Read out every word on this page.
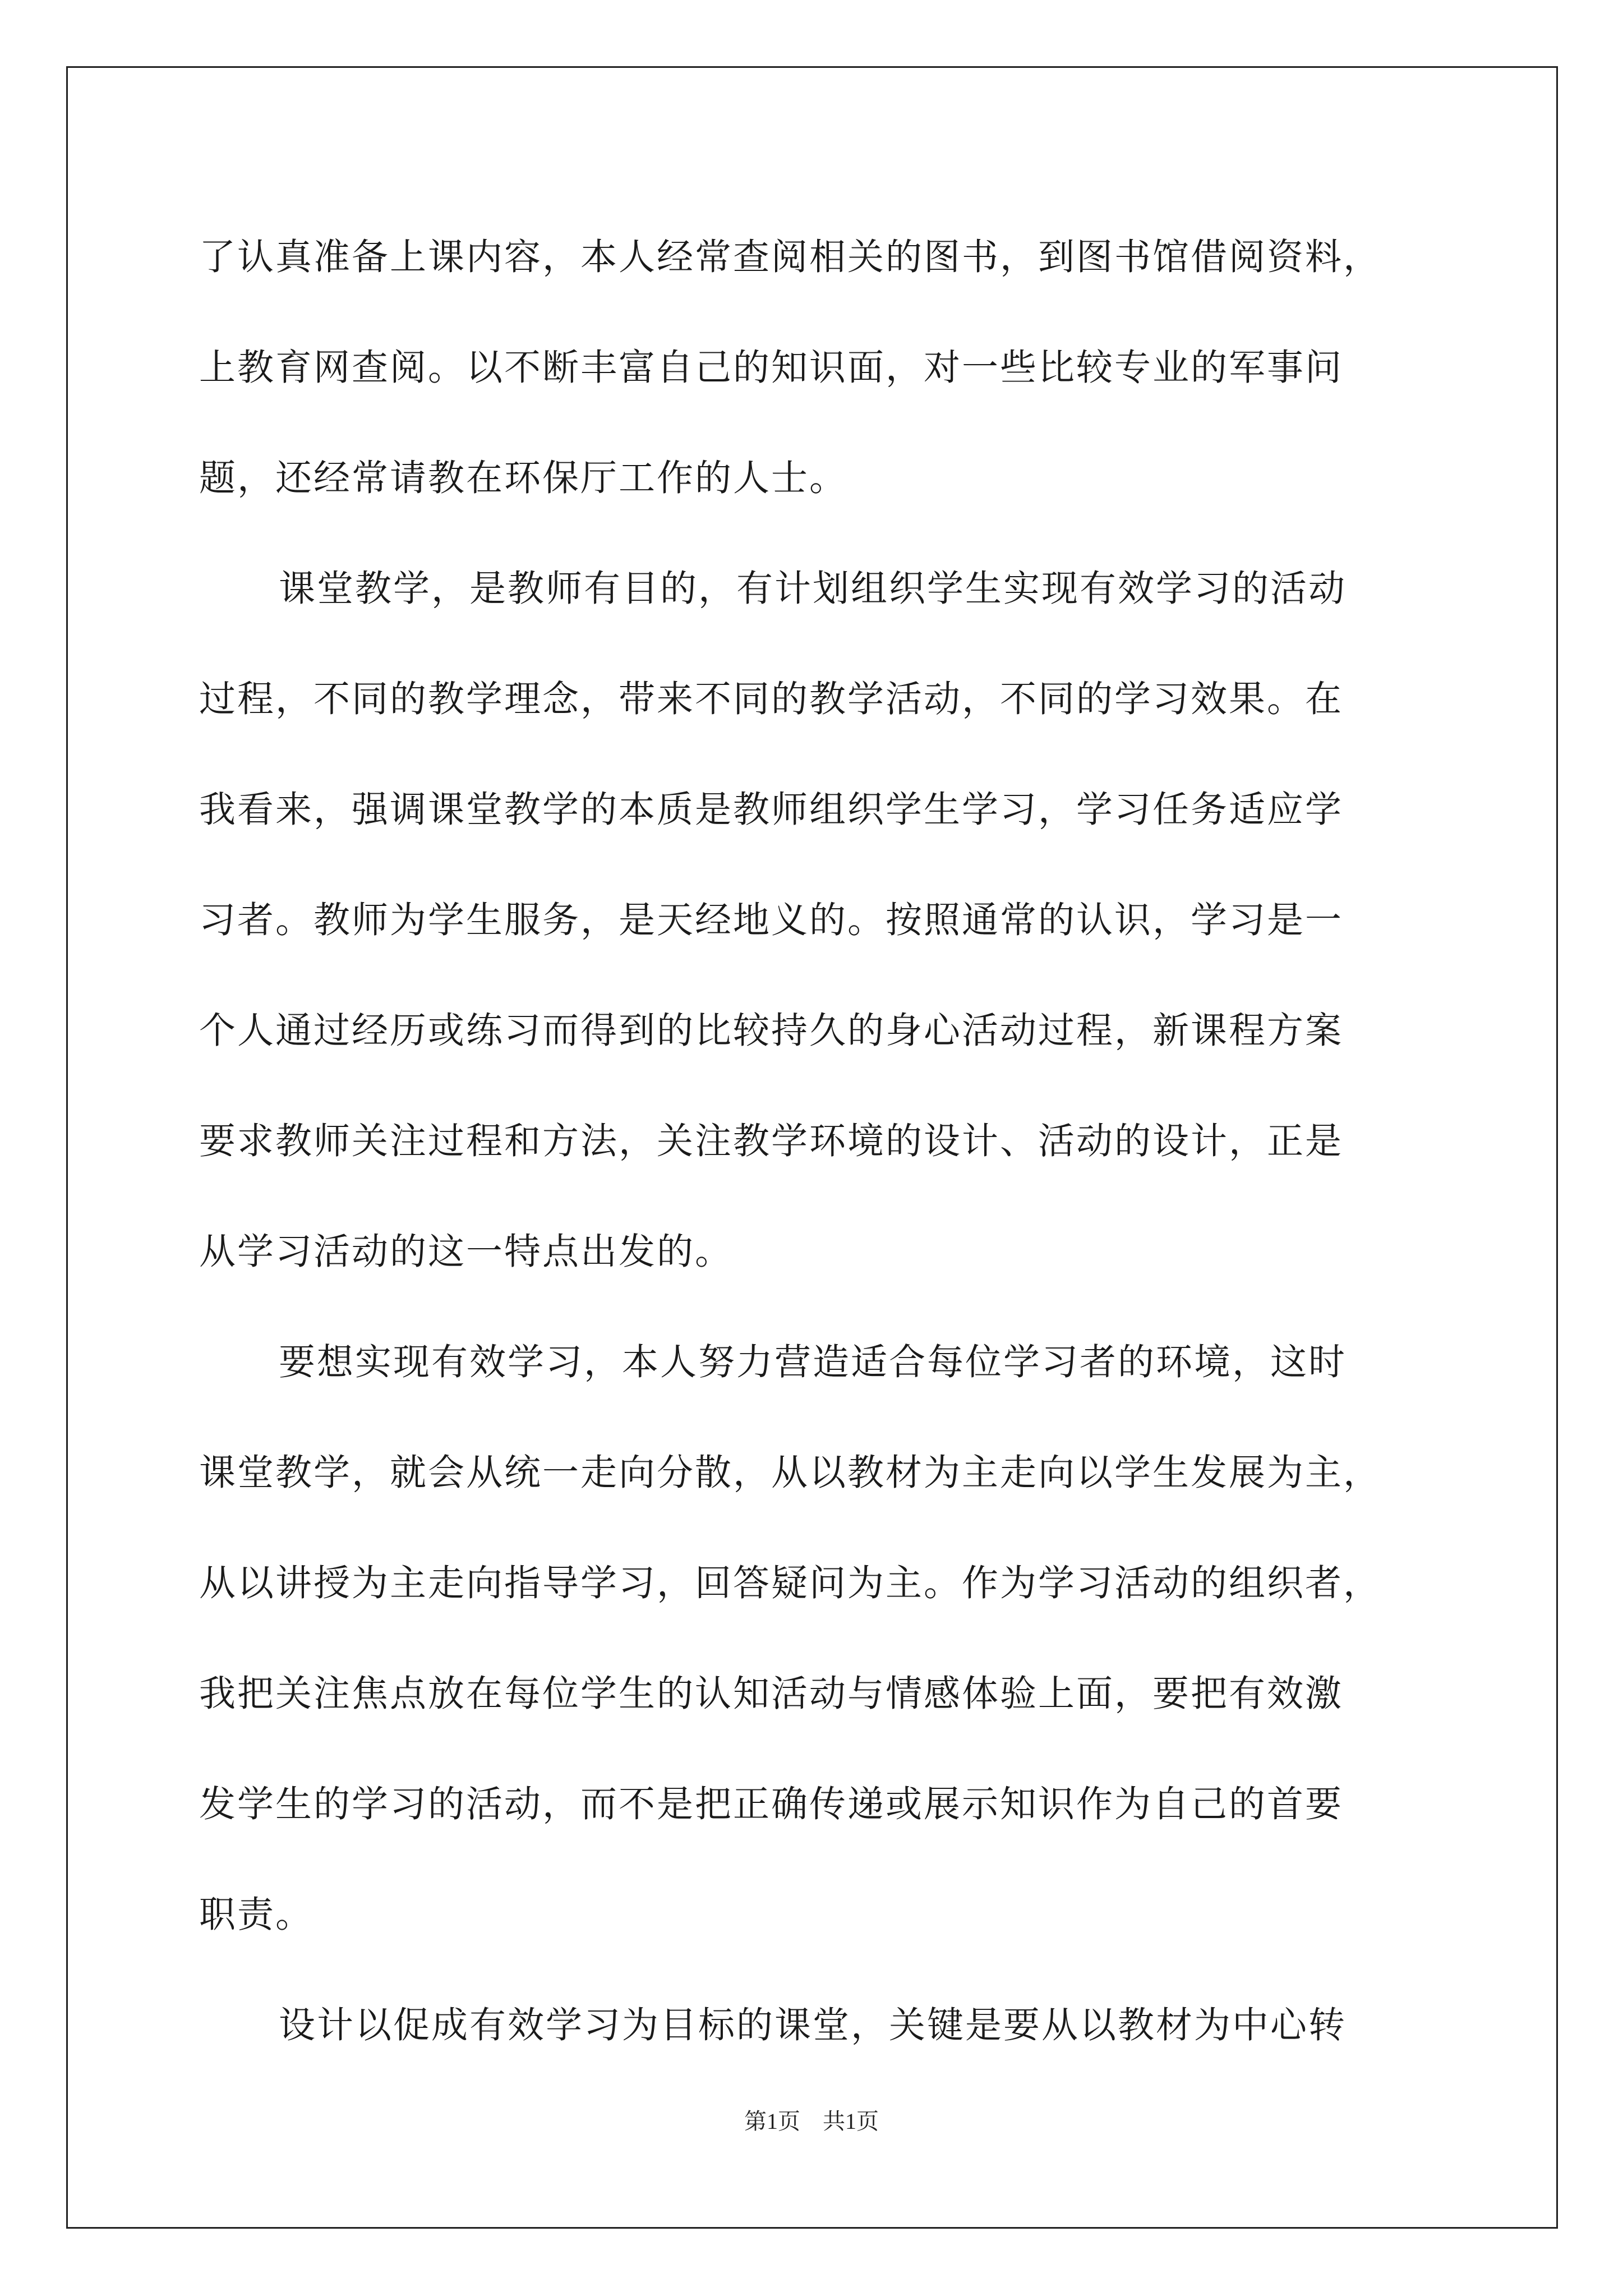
了认真准备上课内容，本人经常查阅相关的图书，到图书馆借阅资料，

上教育网查阅。以不断丰富自己的知识面，对一些比较专业的军事问

题，还经常请教在环保厅工作的人士。

课堂教学，是教师有目的，有计划组织学生实现有效学习的活动

过程，不同的教学理念，带来不同的教学活动，不同的学习效果。在

我看来，强调课堂教学的本质是教师组织学生学习，学习任务适应学

习者。教师为学生服务，是天经地义的。按照通常的认识，学习是一

个人通过经历或练习而得到的比较持久的身心活动过程，新课程方案

要求教师关注过程和方法，关注教学环境的设计、活动的设计，正是

从学习活动的这一特点出发的。

要想实现有效学习，本人努力营造适合每位学习者的环境，这时

课堂教学，就会从统一走向分散，从以教材为主走向以学生发展为主，

从以讲授为主走向指导学习，回答疑问为主。作为学习活动的组织者，

我把关注焦点放在每位学生的认知活动与情感体验上面，要把有效激

发学生的学习的活动，而不是把正确传递或展示知识作为自己的首要

职责。

设计以促成有效学习为目标的课堂，关键是要从以教材为中心转

第1页　共1页
